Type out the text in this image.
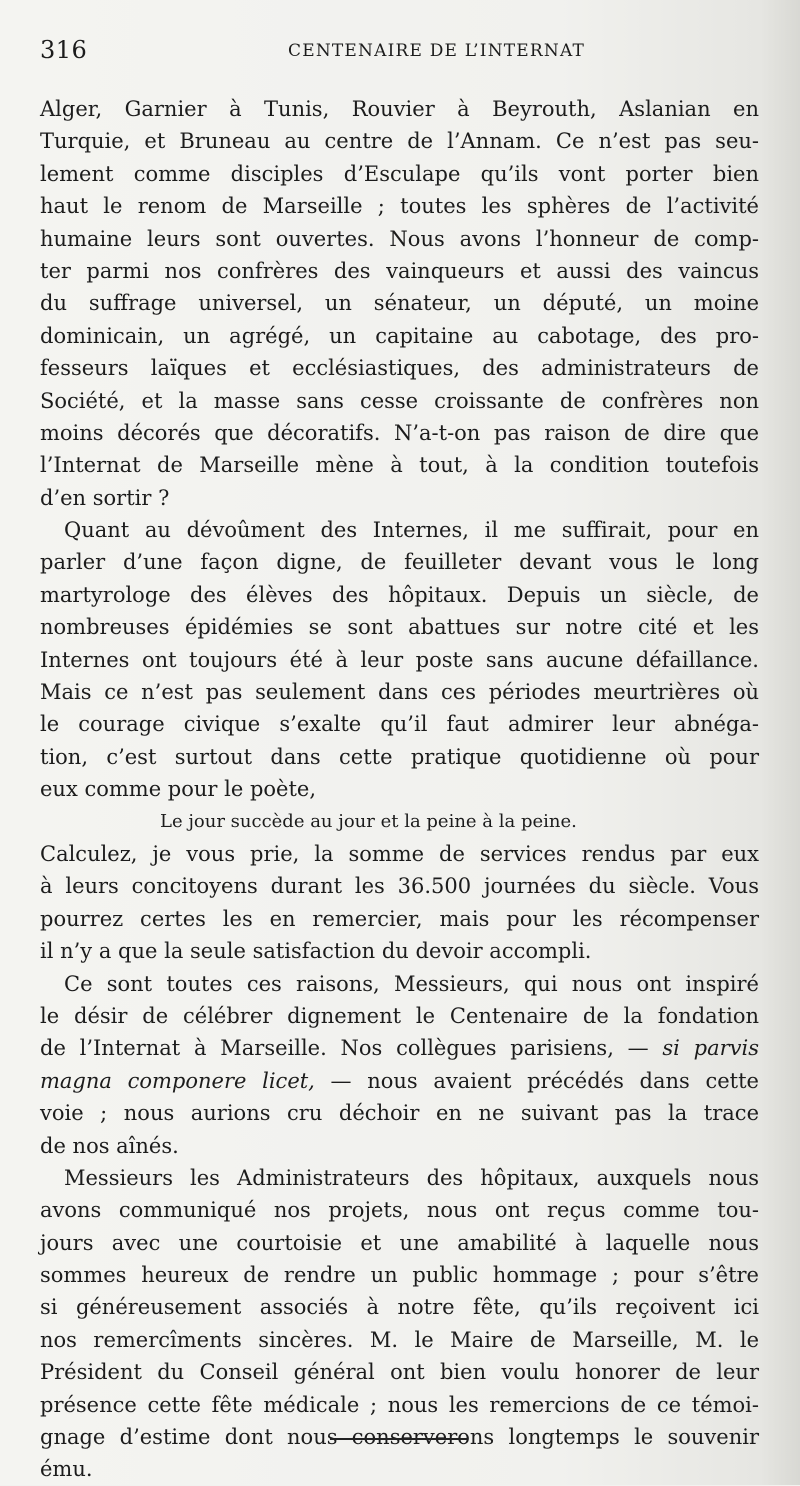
316	CENTENAIRE DE L’INTERNAT
Alger, Garnier à Tunis, Rouvier à Beyrouth, Aslanian en
Turquie, et Bruneau au centre de l’Annam. Ce n’est pas seu-
lement comme disciples d’Esculape qu’ils vont porter bien
haut le renom de Marseille ; toutes les sphères de l’activité
humaine leurs sont ouvertes. Nous avons l’honneur de comp-
ter parmi nos confrères des vainqueurs et aussi des vaincus
du suffrage universel, un sénateur, un député, un moine
dominicain, un agrégé, un capitaine au cabotage, des pro-
fesseurs laïques et ecclésiastiques, des administrateurs de
Société, et la masse sans cesse croissante de confrères non
moins décorés que décoratifs. N’a-t-on pas raison de dire que
l’Internat de Marseille mène à tout, à la condition toutefois
d’en sortir ?
Quant au dévoûment des Internes, il me suffirait, pour en
parler d’une façon digne, de feuilleter devant vous le long
martyrologe des élèves des hôpitaux. Depuis un siècle, de
nombreuses épidémies se sont abattues sur notre cité et les
Internes ont toujours été à leur poste sans aucune défaillance.
Mais ce n’est pas seulement dans ces périodes meurtrières où
le courage civique s’exalte qu’il faut admirer leur abnéga-
tion, c’est surtout dans cette pratique quotidienne où pour
eux comme pour le poète,
Le jour succède au jour et la peine à la peine.
Calculez, je vous prie, la somme de services rendus par eux
à leurs concitoyens durant les 36.500 journées du siècle. Vous
pourrez certes les en remercier, mais pour les récompenser
il n’y a que la seule satisfaction du devoir accompli.
Ce sont toutes ces raisons, Messieurs, qui nous ont inspiré
le désir de célébrer dignement le Centenaire de la fondation
de l’Internat à Marseille. Nos collègues parisiens, — si parvis
magna componere licet, — nous avaient précédés dans cette
voie ; nous aurions cru déchoir en ne suivant pas la trace
de nos aînés.
Messieurs les Administrateurs des hôpitaux, auxquels nous
avons communiqué nos projets, nous ont reçus comme tou-
jours avec une courtoisie et une amabilité à laquelle nous
sommes heureux de rendre un public hommage ; pour s’être
si généreusement associés à notre fête, qu’ils reçoivent ici
nos remercîments sincères. M. le Maire de Marseille, M. le
Président du Conseil général ont bien voulu honorer de leur
présence cette fête médicale ; nous les remercions de ce témoi-
gnage d’estime dont nous conserverons longtemps le souvenir
ému.
